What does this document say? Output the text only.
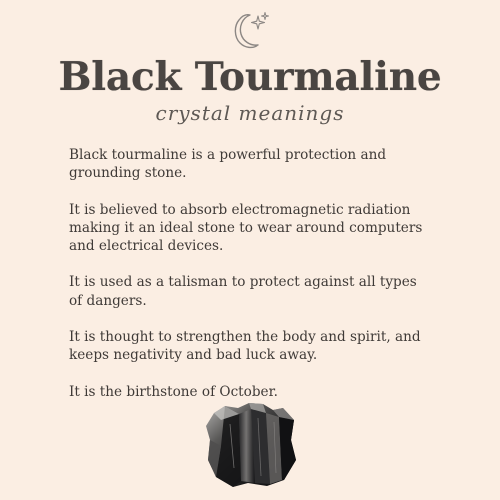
Black Tourmaline
crystal meanings

Black tourmaline is a powerful protection and grounding stone.

It is believed to absorb electromagnetic radiation making it an ideal stone to wear around computers and electrical devices.

It is used as a talisman to protect against all types of dangers.

It is thought to strengthen the body and spirit, and keeps negativity and bad luck away.

It is the birthstone of October.
